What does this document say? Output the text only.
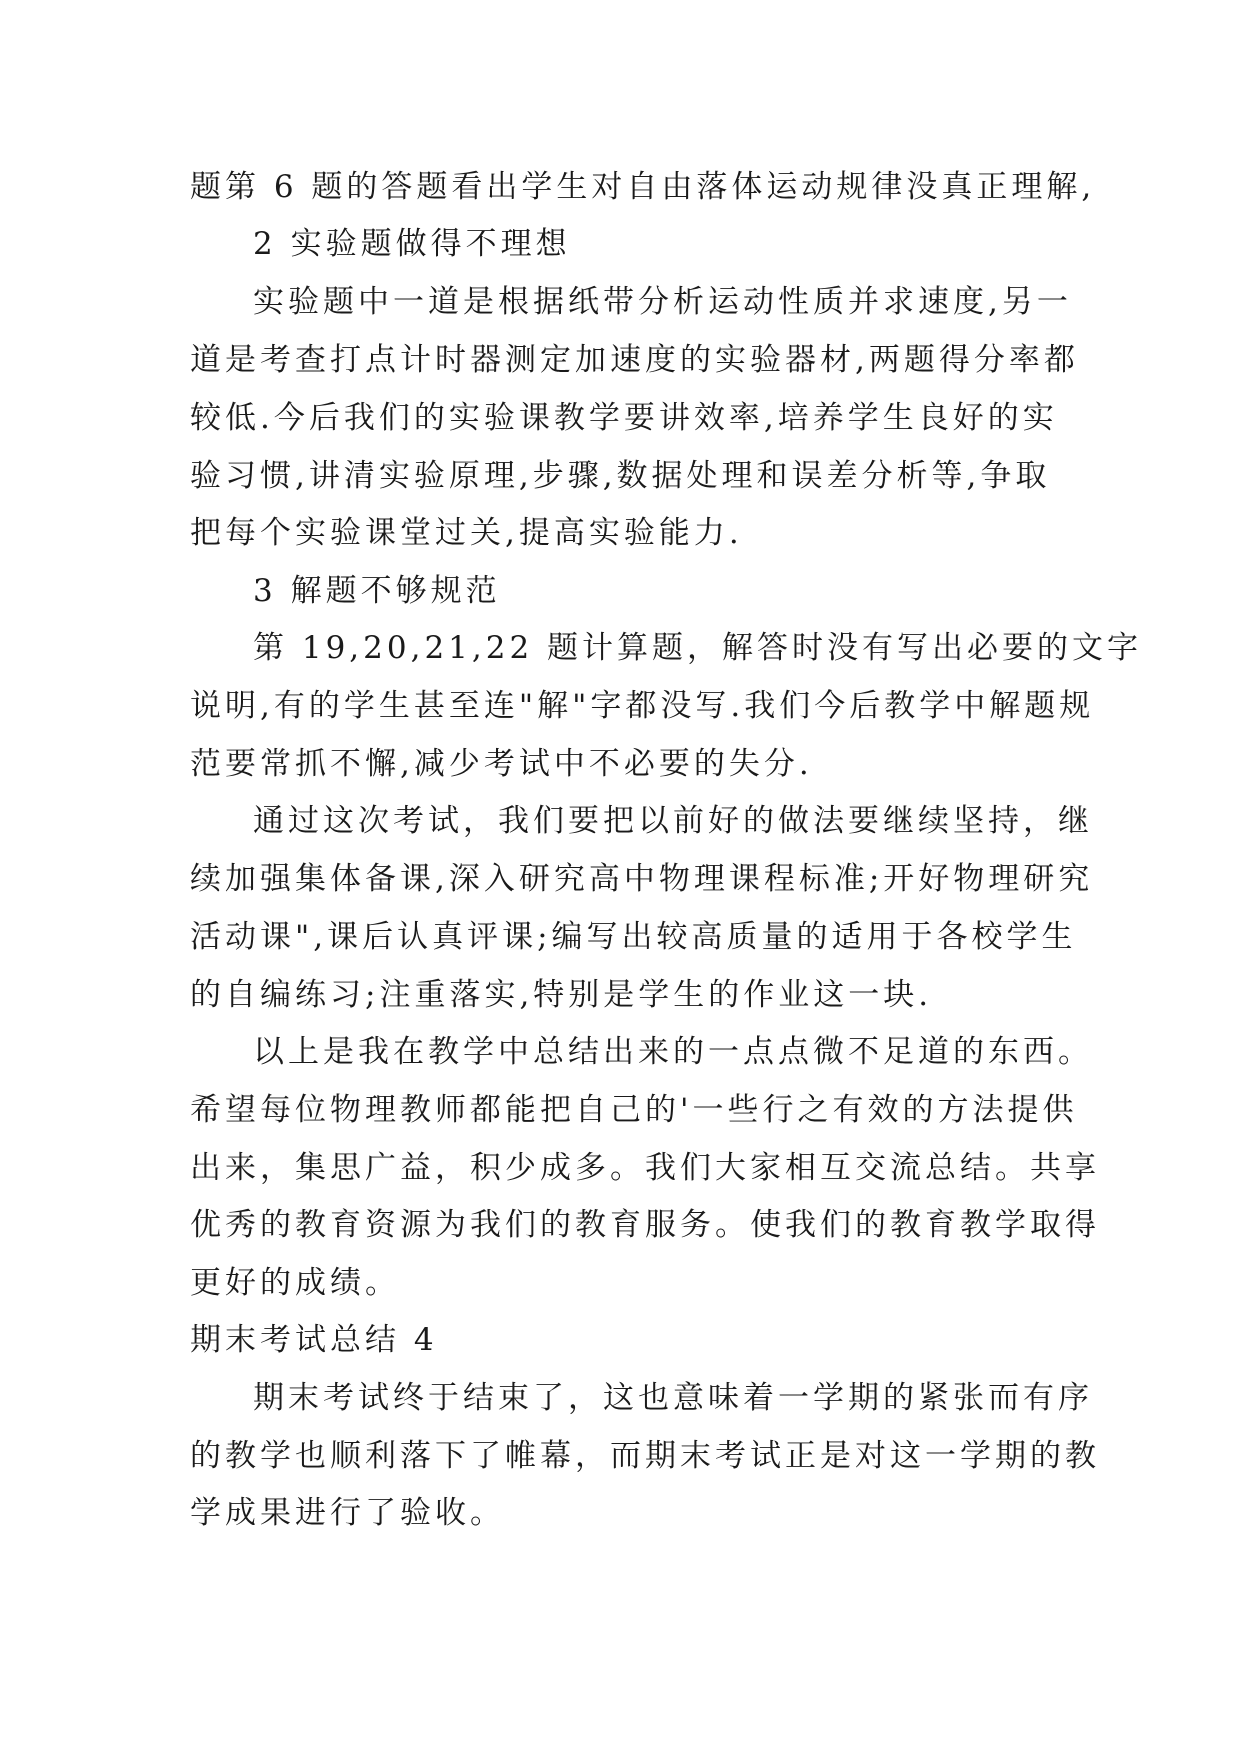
题第 6 题的答题看出学生对自由落体运动规律没真正理解,
2 实验题做得不理想
实验题中一道是根据纸带分析运动性质并求速度,另一
道是考查打点计时器测定加速度的实验器材,两题得分率都
较低.今后我们的实验课教学要讲效率,培养学生良好的实
验习惯,讲清实验原理,步骤,数据处理和误差分析等,争取
把每个实验课堂过关,提高实验能力.
3 解题不够规范
第 19,20,21,22 题计算题，解答时没有写出必要的文字
说明,有的学生甚至连"解"字都没写.我们今后教学中解题规
范要常抓不懈,减少考试中不必要的失分.
通过这次考试，我们要把以前好的做法要继续坚持，继
续加强集体备课,深入研究高中物理课程标准;开好物理研究
活动课",课后认真评课;编写出较高质量的适用于各校学生
的自编练习;注重落实,特别是学生的作业这一块.
以上是我在教学中总结出来的一点点微不足道的东西。
希望每位物理教师都能把自己的'一些行之有效的方法提供
出来，集思广益，积少成多。我们大家相互交流总结。共享
优秀的教育资源为我们的教育服务。使我们的教育教学取得
更好的成绩。
期末考试总结 4
期末考试终于结束了，这也意味着一学期的紧张而有序
的教学也顺利落下了帷幕，而期末考试正是对这一学期的教
学成果进行了验收。
